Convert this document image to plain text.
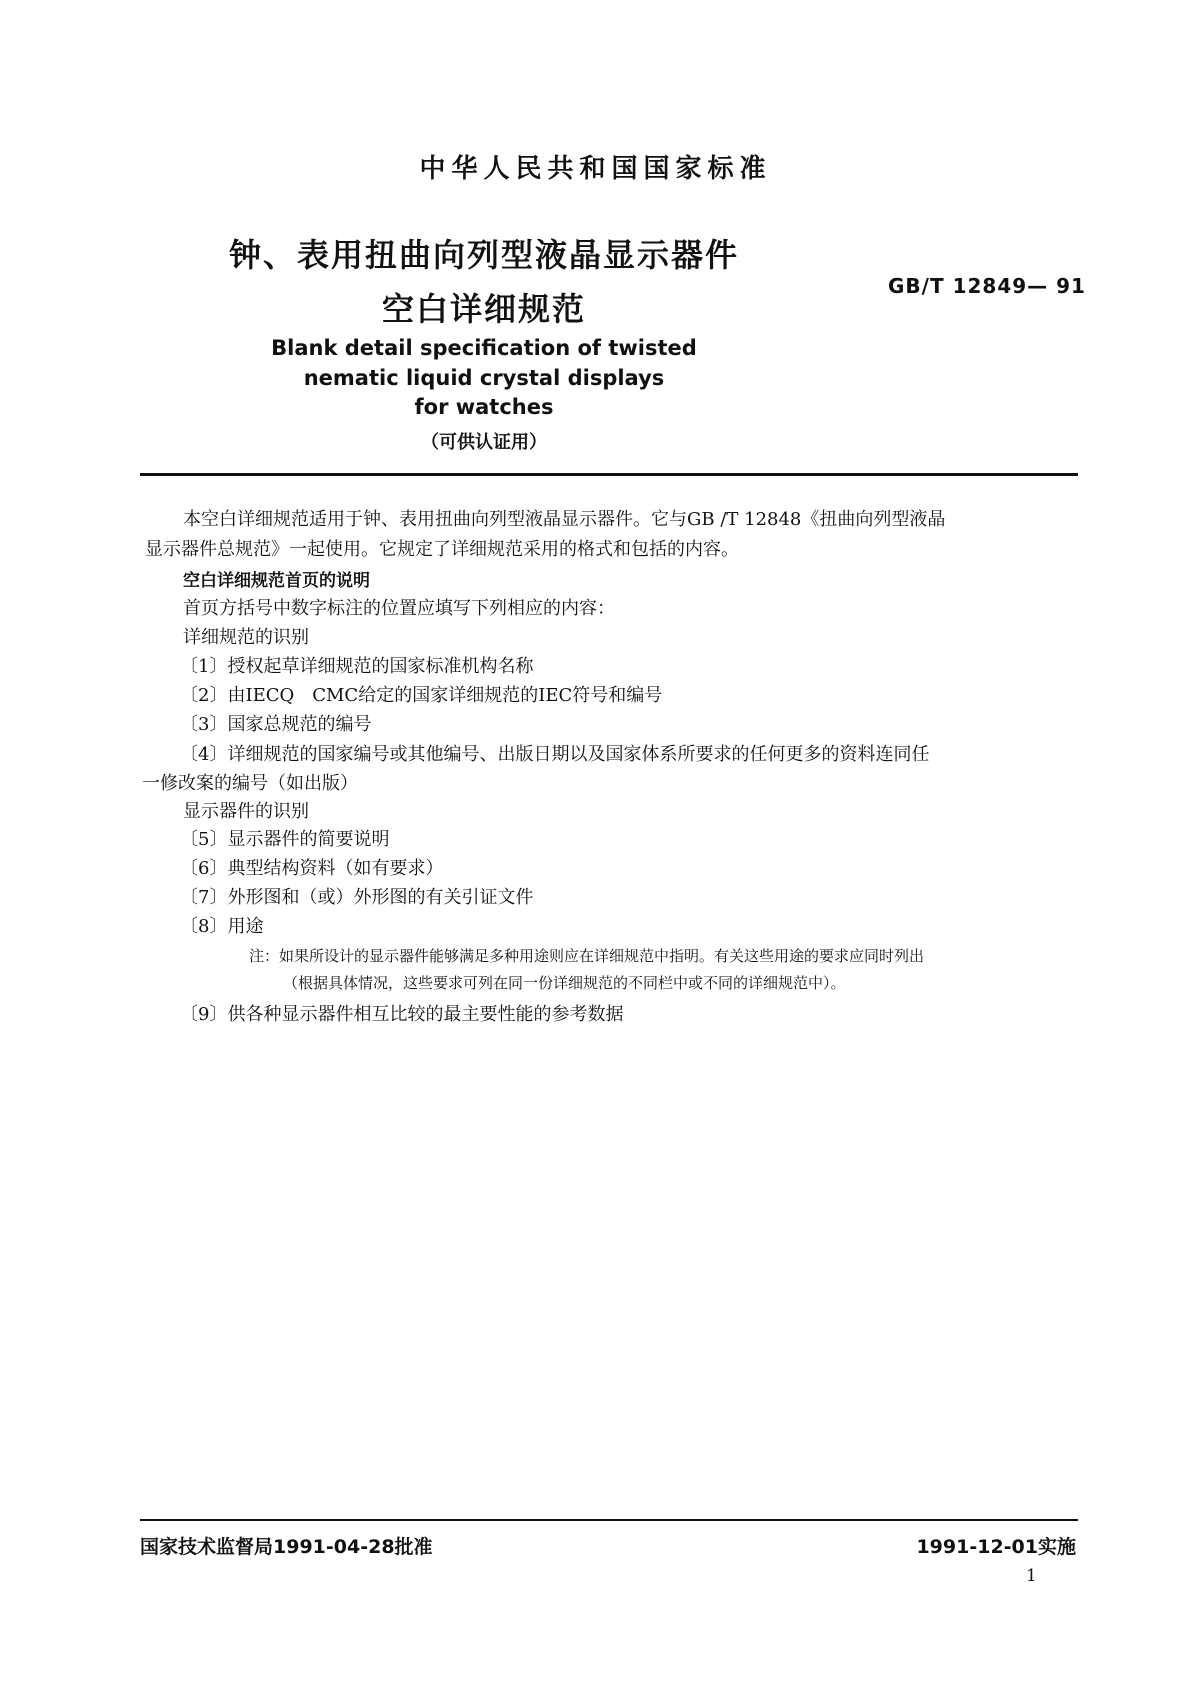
中华人民共和国国家标准
钟、表用扭曲向列型液晶显示器件
空白详细规范
GB/T 12849— 91
Blank detail specification of twisted
nematic liquid crystal displays
for watches
（可供认证用）
本空白详细规范适用于钟、表用扭曲向列型液晶显示器件。它与GB /T 12848《扭曲向列型液晶
显示器件总规范》一起使用。它规定了详细规范采用的格式和包括的内容。
空白详细规范首页的说明
首页方括号中数字标注的位置应填写下列相应的内容：
详细规范的识别
〔1〕授权起草详细规范的国家标准机构名称
〔2〕由IECQ　CMC给定的国家详细规范的IEC符号和编号
〔3〕国家总规范的编号
〔4〕详细规范的国家编号或其他编号、出版日期以及国家体系所要求的任何更多的资料连同任
一修改案的编号（如出版）
显示器件的识别
〔5〕显示器件的简要说明
〔6〕典型结构资料（如有要求）
〔7〕外形图和（或）外形图的有关引证文件
〔8〕用途
注：如果所设计的显示器件能够满足多种用途则应在详细规范中指明。有关这些用途的要求应同时列出
（根据具体情况，这些要求可列在同一份详细规范的不同栏中或不同的详细规范中）。
〔9〕供各种显示器件相互比较的最主要性能的参考数据
国家技术监督局1991-04-28批准	1991-12-01实施
1
